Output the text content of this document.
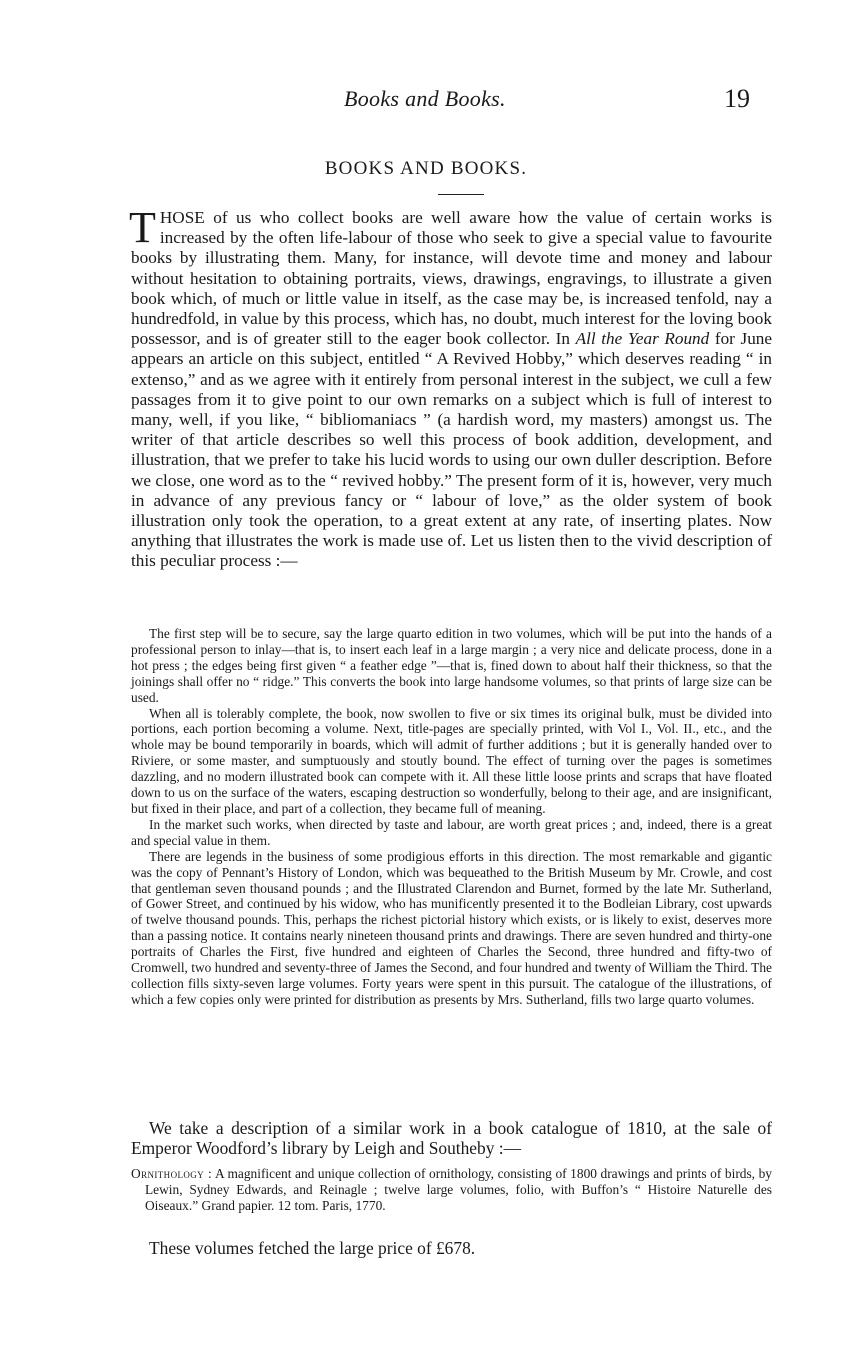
Books and Books.	19
BOOKS AND BOOKS.
THOSE of us who collect books are well aware how the value of certain works is increased by the often life-labour of those who seek to give a special value to favourite books by illustrating them. Many, for instance, will devote time and money and labour without hesitation to obtaining portraits, views, drawings, engravings, to illustrate a given book which, of much or little value in itself, as the case may be, is increased tenfold, nay a hundredfold, in value by this process, which has, no doubt, much interest for the loving book possessor, and is of greater still to the eager book collector. In All the Year Round for June appears an article on this subject, entitled “ A Revived Hobby,” which deserves reading “ in extenso,” and as we agree with it entirely from personal interest in the subject, we cull a few passages from it to give point to our own remarks on a subject which is full of interest to many, well, if you like, “ bibliomaniacs ” (a hardish word, my masters) amongst us. The writer of that article describes so well this process of book addition, development, and illustration, that we prefer to take his lucid words to using our own duller description. Before we close, one word as to the “ revived hobby.” The present form of it is, however, very much in advance of any previous fancy or “ labour of love,” as the older system of book illustration only took the operation, to a great extent at any rate, of inserting plates. Now anything that illustrates the work is made use of. Let us listen then to the vivid description of this peculiar process :—

The first step will be to secure, say the large quarto edition in two volumes, which will be put into the hands of a professional person to inlay—that is, to insert each leaf in a large margin ; a very nice and delicate process, done in a hot press ; the edges being first given “ a feather edge ”—that is, fined down to about half their thickness, so that the joinings shall offer no “ ridge.” This converts the book into large handsome volumes, so that prints of large size can be used.

When all is tolerably complete, the book, now swollen to five or six times its original bulk, must be divided into portions, each portion becoming a volume. Next, title-pages are specially printed, with Vol I., Vol. II., etc., and the whole may be bound temporarily in boards, which will admit of further additions ; but it is generally handed over to Riviere, or some master, and sumptuously and stoutly bound. The effect of turning over the pages is sometimes dazzling, and no modern illustrated book can compete with it. All these little loose prints and scraps that have floated down to us on the surface of the waters, escaping destruction so wonderfully, belong to their age, and are insignificant, but fixed in their place, and part of a collection, they became full of meaning.

In the market such works, when directed by taste and labour, are worth great prices ; and, indeed, there is a great and special value in them.

There are legends in the business of some prodigious efforts in this direction. The most remarkable and gigantic was the copy of Pennant’s History of London, which was bequeathed to the British Museum by Mr. Crowle, and cost that gentleman seven thousand pounds ; and the Illustrated Clarendon and Burnet, formed by the late Mr. Sutherland, of Gower Street, and continued by his widow, who has munificently presented it to the Bodleian Library, cost upwards of twelve thousand pounds. This, perhaps the richest pictorial history which exists, or is likely to exist, deserves more than a passing notice. It contains nearly nineteen thousand prints and drawings. There are seven hundred and thirty-one portraits of Charles the First, five hundred and eighteen of Charles the Second, three hundred and fifty-two of Cromwell, two hundred and seventy-three of James the Second, and four hundred and twenty of William the Third. The collection fills sixty-seven large volumes. Forty years were spent in this pursuit. The catalogue of the illustrations, of which a few copies only were printed for distribution as presents by Mrs. Sutherland, fills two large quarto volumes.

We take a description of a similar work in a book catalogue of 1810, at the sale of Emperor Woodford’s library by Leigh and Southeby :—

Ornithology : A magnificent and unique collection of ornithology, consisting of 1800 drawings and prints of birds, by Lewin, Sydney Edwards, and Reinagle ; twelve large volumes, folio, with Buffon’s “ Histoire Naturelle des Oiseaux.” Grand papier. 12 tom. Paris, 1770.

These volumes fetched the large price of £678.
